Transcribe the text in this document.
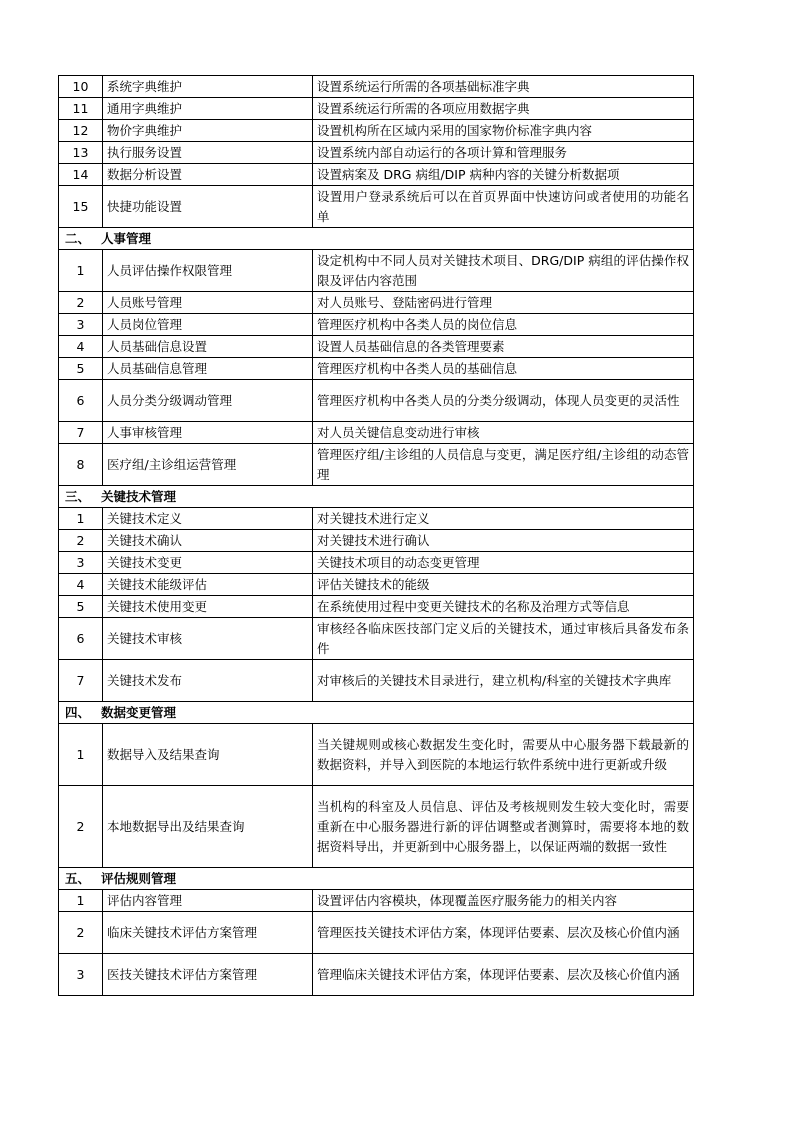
10	系统字典维护	设置系统运行所需的各项基础标准字典
11	通用字典维护	设置系统运行所需的各项应用数据字典
12	物价字典维护	设置机构所在区域内采用的国家物价标准字典内容
13	执行服务设置	设置系统内部自动运行的各项计算和管理服务
14	数据分析设置	设置病案及 DRG 病组/DIP 病种内容的关键分析数据项
15	快捷功能设置	设置用户登录系统后可以在首页界面中快速访问或者使用的功能名单
二、 人事管理		
1	人员评估操作权限管理	设定机构中不同人员对关键技术项目、DRG/DIP 病组的评估操作权限及评估内容范围
2	人员账号管理	对人员账号、登陆密码进行管理
3	人员岗位管理	管理医疗机构中各类人员的岗位信息
4	人员基础信息设置	设置人员基础信息的各类管理要素
5	人员基础信息管理	管理医疗机构中各类人员的基础信息
6	人员分类分级调动管理	管理医疗机构中各类人员的分类分级调动，体现人员变更的灵活性
7	人事审核管理	对人员关键信息变动进行审核
8	医疗组/主诊组运营管理	管理医疗组/主诊组的人员信息与变更，满足医疗组/主诊组的动态管理
三、 关键技术管理		
1	关键技术定义	对关键技术进行定义
2	关键技术确认	对关键技术进行确认
3	关键技术变更	关键技术项目的动态变更管理
4	关键技术能级评估	评估关键技术的能级
5	关键技术使用变更	在系统使用过程中变更关键技术的名称及治理方式等信息
6	关键技术审核	审核经各临床医技部门定义后的关键技术，通过审核后具备发布条件
7	关键技术发布	对审核后的关键技术目录进行，建立机构/科室的关键技术字典库
四、 数据变更管理		
1	数据导入及结果查询	当关键规则或核心数据发生变化时，需要从中心服务器下载最新的数据资料，并导入到医院的本地运行软件系统中进行更新或升级
2	本地数据导出及结果查询	当机构的科室及人员信息、评估及考核规则发生较大变化时，需要重新在中心服务器进行新的评估调整或者测算时，需要将本地的数据资料导出，并更新到中心服务器上，以保证两端的数据一致性
五、 评估规则管理		
1	评估内容管理	设置评估内容模块，体现覆盖医疗服务能力的相关内容
2	临床关键技术评估方案管理	管理医技关键技术评估方案，体现评估要素、层次及核心价值内涵
3	医技关键技术评估方案管理	管理临床关键技术评估方案，体现评估要素、层次及核心价值内涵
